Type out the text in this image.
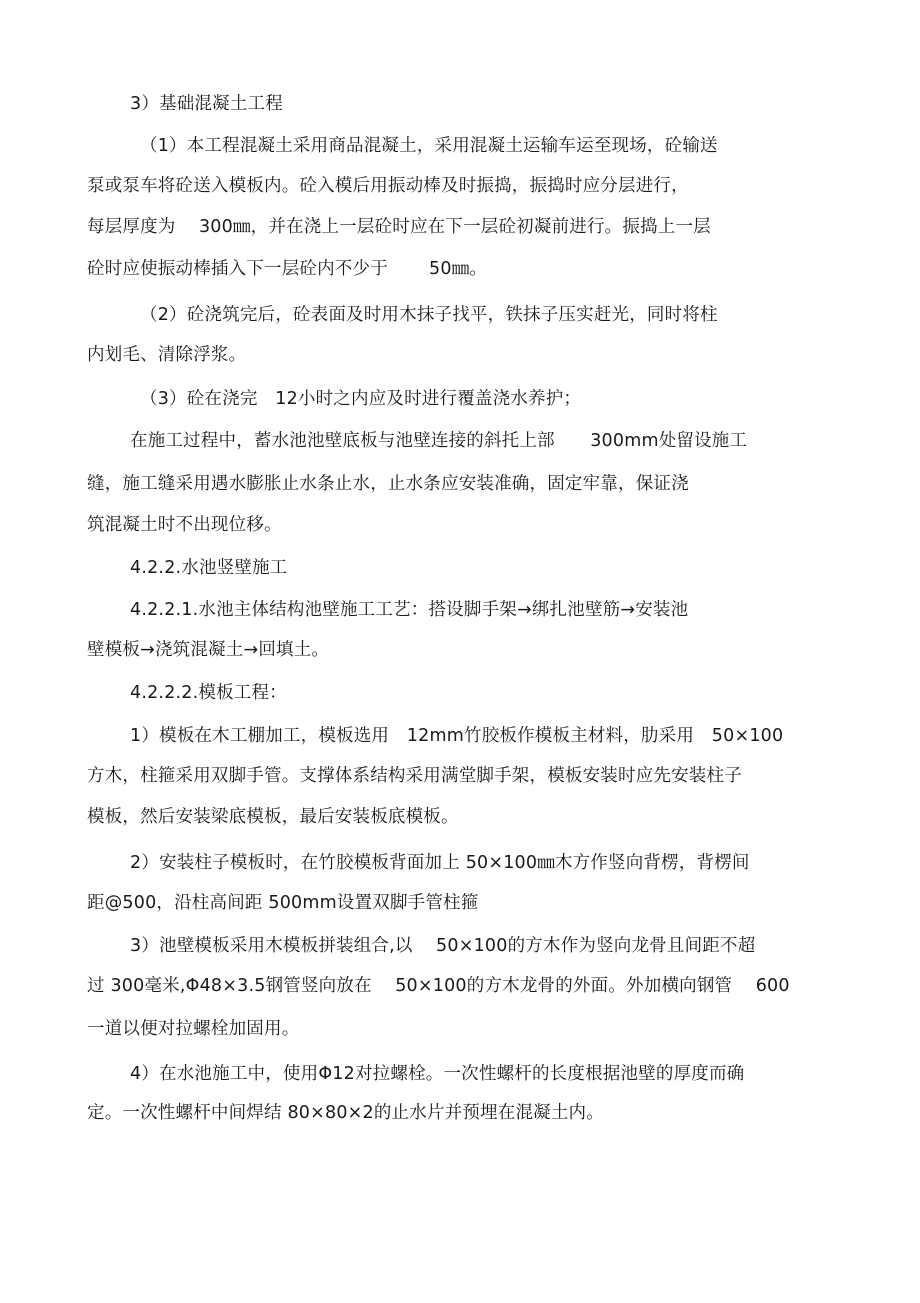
3）基础混凝土工程
（1）本工程混凝土采用商品混凝土，采用混凝土运输车运至现场，砼输送
泵或泵车将砼送入模板内。砼入模后用振动棒及时振捣，振捣时应分层进行，
每层厚度为　 300㎜，并在浇上一层砼时应在下一层砼初凝前进行。振捣上一层
砼时应使振动棒插入下一层砼内不少于　　 50㎜。
（2）砼浇筑完后，砼表面及时用木抹子找平，铁抹子压实赶光，同时将柱
内划毛、清除浮浆。
（3）砼在浇完　12小时之内应及时进行覆盖浇水养护；
在施工过程中，蓄水池池壁底板与池壁连接的斜托上部　　300mm处留设施工
缝，施工缝采用遇水膨胀止水条止水，止水条应安装准确，固定牢靠，保证浇
筑混凝土时不出现位移。
4.2.2.水池竖壁施工
4.2.2.1.水池主体结构池壁施工工艺：搭设脚手架→绑扎池壁筋→安装池
壁模板→浇筑混凝土→回填土。
4.2.2.2.模板工程：
1）模板在木工棚加工，模板选用　12mm竹胶板作模板主材料，肋采用　50×100
方木，柱箍采用双脚手管。支撑体系结构采用满堂脚手架，模板安装时应先安装柱子
模板，然后安装梁底模板，最后安装板底模板。
2）安装柱子模板时，在竹胶模板背面加上 50×100㎜木方作竖向背楞，背楞间
距@500，沿柱高间距 500mm设置双脚手管柱箍
3）池壁模板采用木模板拼装组合,以　 50×100的方木作为竖向龙骨且间距不超
过 300毫米,Φ48×3.5钢管竖向放在　 50×100的方木龙骨的外面。外加横向钢管　 600
一道以便对拉螺栓加固用。
4）在水池施工中，使用Φ12对拉螺栓。一次性螺杆的长度根据池壁的厚度而确
定。一次性螺杆中间焊结 80×80×2的止水片并预埋在混凝土内。
